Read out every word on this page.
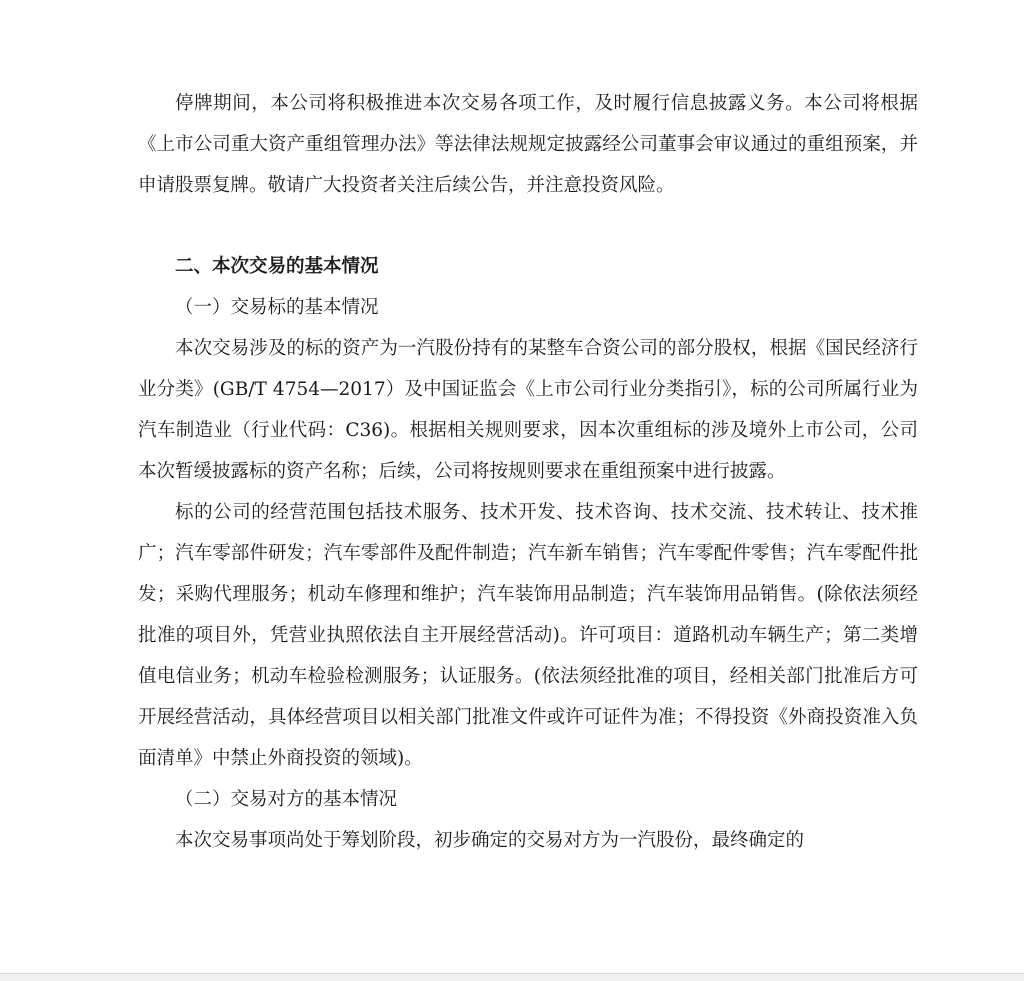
停牌期间，本公司将积极推进本次交易各项工作，及时履行信息披露义务。本公司将根据《上市公司重大资产重组管理办法》等法律法规规定披露经公司董事会审议通过的重组预案，并申请股票复牌。敬请广大投资者关注后续公告，并注意投资风险。

二、本次交易的基本情况

（一）交易标的基本情况

本次交易涉及的标的资产为一汽股份持有的某整车合资公司的部分股权，根据《国民经济行业分类》(GB/T 4754—2017）及中国证监会《上市公司行业分类指引》，标的公司所属行业为汽车制造业（行业代码：C36)。根据相关规则要求，因本次重组标的涉及境外上市公司，公司本次暂缓披露标的资产名称；后续，公司将按规则要求在重组预案中进行披露。

标的公司的经营范围包括技术服务、技术开发、技术咨询、技术交流、技术转让、技术推广；汽车零部件研发；汽车零部件及配件制造；汽车新车销售；汽车零配件零售；汽车零配件批发；采购代理服务；机动车修理和维护；汽车装饰用品制造；汽车装饰用品销售。(除依法须经批准的项目外，凭营业执照依法自主开展经营活动)。许可项目：道路机动车辆生产；第二类增值电信业务；机动车检验检测服务；认证服务。(依法须经批准的项目，经相关部门批准后方可开展经营活动，具体经营项目以相关部门批准文件或许可证件为准；不得投资《外商投资准入负面清单》中禁止外商投资的领域)。

（二）交易对方的基本情况

本次交易事项尚处于筹划阶段，初步确定的交易对方为一汽股份，最终确定的
